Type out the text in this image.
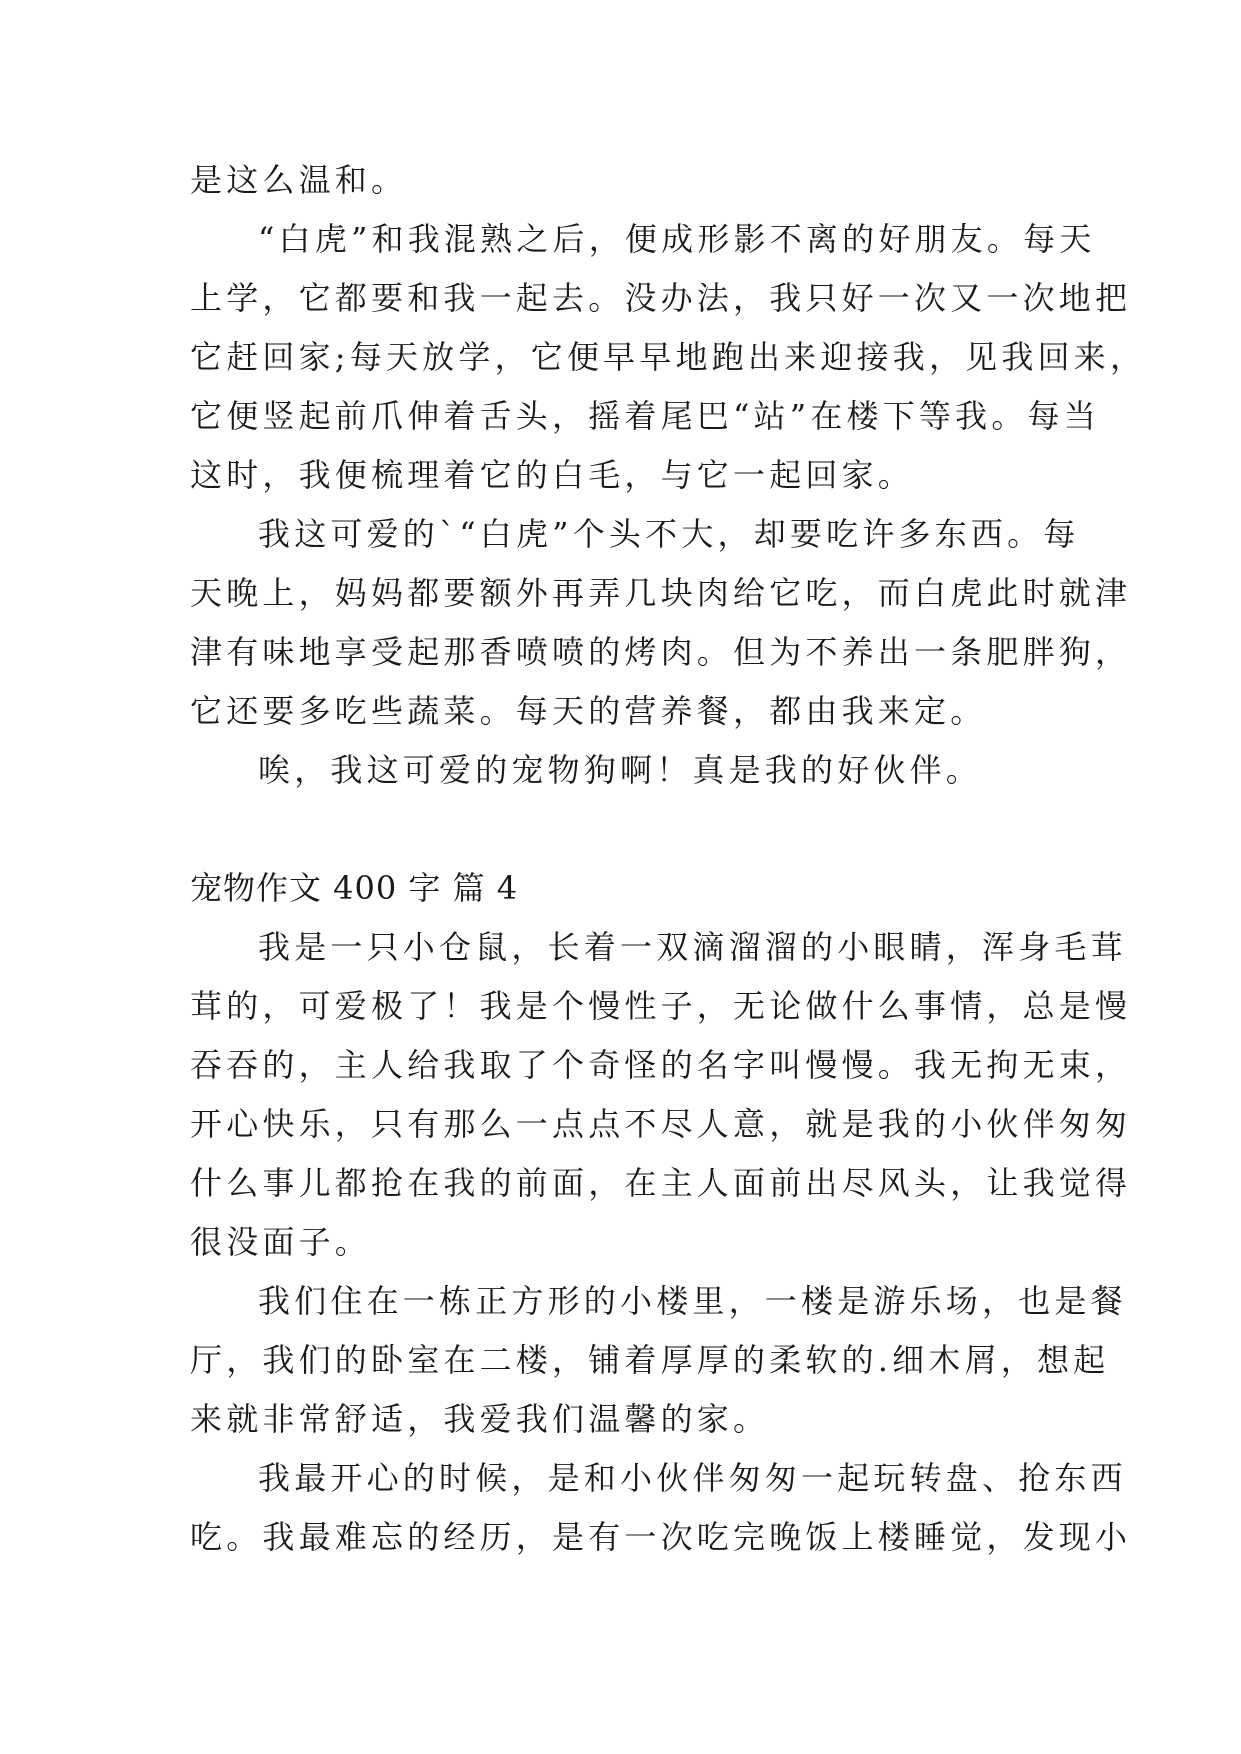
是这么温和。
“白虎”和我混熟之后，便成形影不离的好朋友。每天
上学，它都要和我一起去。没办法，我只好一次又一次地把
它赶回家;每天放学，它便早早地跑出来迎接我，见我回来，
它便竖起前爪伸着舌头，摇着尾巴“站”在楼下等我。每当
这时，我便梳理着它的白毛，与它一起回家。
我这可爱的`“白虎”个头不大，却要吃许多东西。每
天晚上，妈妈都要额外再弄几块肉给它吃，而白虎此时就津
津有味地享受起那香喷喷的烤肉。但为不养出一条肥胖狗，
它还要多吃些蔬菜。每天的营养餐，都由我来定。
唉，我这可爱的宠物狗啊！真是我的好伙伴。
宠物作文 400 字 篇 4
我是一只小仓鼠，长着一双滴溜溜的小眼睛，浑身毛茸
茸的，可爱极了！我是个慢性子，无论做什么事情，总是慢
吞吞的，主人给我取了个奇怪的名字叫慢慢。我无拘无束，
开心快乐，只有那么一点点不尽人意，就是我的小伙伴匆匆
什么事儿都抢在我的前面，在主人面前出尽风头，让我觉得
很没面子。
我们住在一栋正方形的小楼里，一楼是游乐场，也是餐
厅，我们的卧室在二楼，铺着厚厚的柔软的.细木屑，想起
来就非常舒适，我爱我们温馨的家。
我最开心的时候，是和小伙伴匆匆一起玩转盘、抢东西
吃。我最难忘的经历，是有一次吃完晚饭上楼睡觉，发现小
